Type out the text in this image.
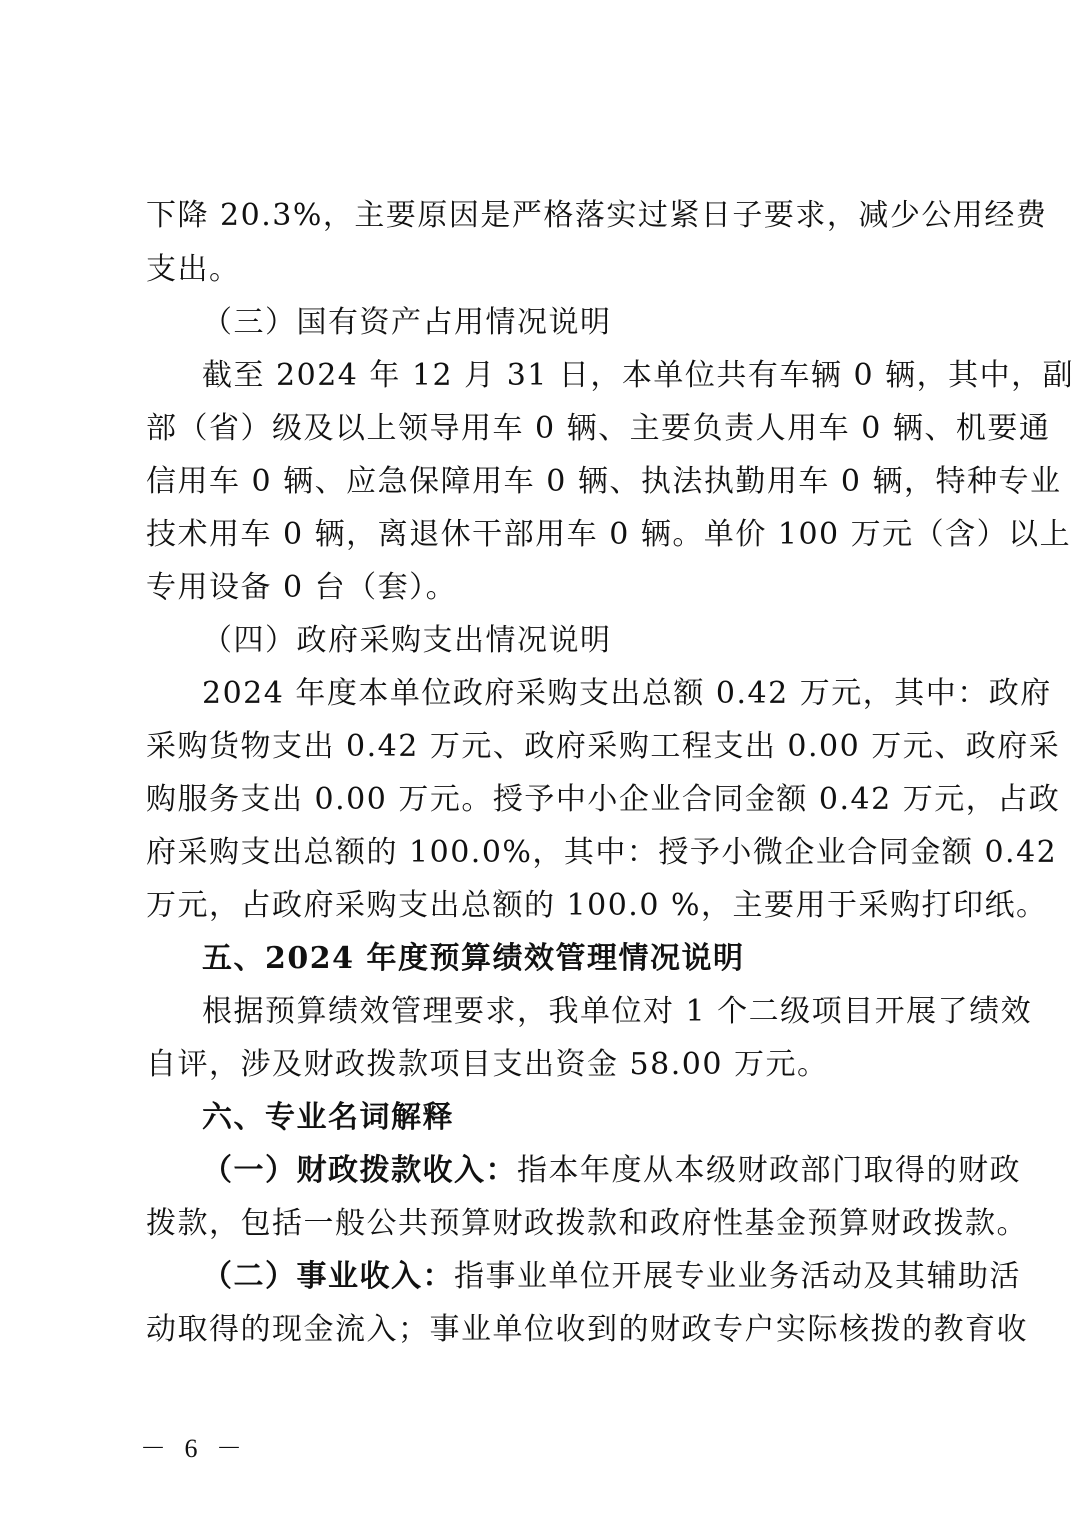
下降 20.3%，主要原因是严格落实过紧日子要求，减少公用经费
支出。
（三）国有资产占用情况说明
截至 2024 年 12 月 31 日，本单位共有车辆 0 辆，其中，副
部（省）级及以上领导用车 0 辆、主要负责人用车 0 辆、机要通
信用车 0 辆、应急保障用车 0 辆、执法执勤用车 0 辆，特种专业
技术用车 0 辆，离退休干部用车 0 辆。单价 100 万元（含）以上
专用设备 0 台（套）。
（四）政府采购支出情况说明
2024 年度本单位政府采购支出总额 0.42 万元，其中：政府
采购货物支出 0.42 万元、政府采购工程支出 0.00 万元、政府采
购服务支出 0.00 万元。授予中小企业合同金额 0.42 万元，占政
府采购支出总额的 100.0%，其中：授予小微企业合同金额 0.42
万元，占政府采购支出总额的 100.0 %，主要用于采购打印纸。
五、2024 年度预算绩效管理情况说明
根据预算绩效管理要求，我单位对 1 个二级项目开展了绩效
自评，涉及财政拨款项目支出资金 58.00 万元。
六、专业名词解释
（一）财政拨款收入：指本年度从本级财政部门取得的财政
拨款，包括一般公共预算财政拨款和政府性基金预算财政拨款。
（二）事业收入：指事业单位开展专业业务活动及其辅助活
动取得的现金流入；事业单位收到的财政专户实际核拨的教育收
－ 6 －
